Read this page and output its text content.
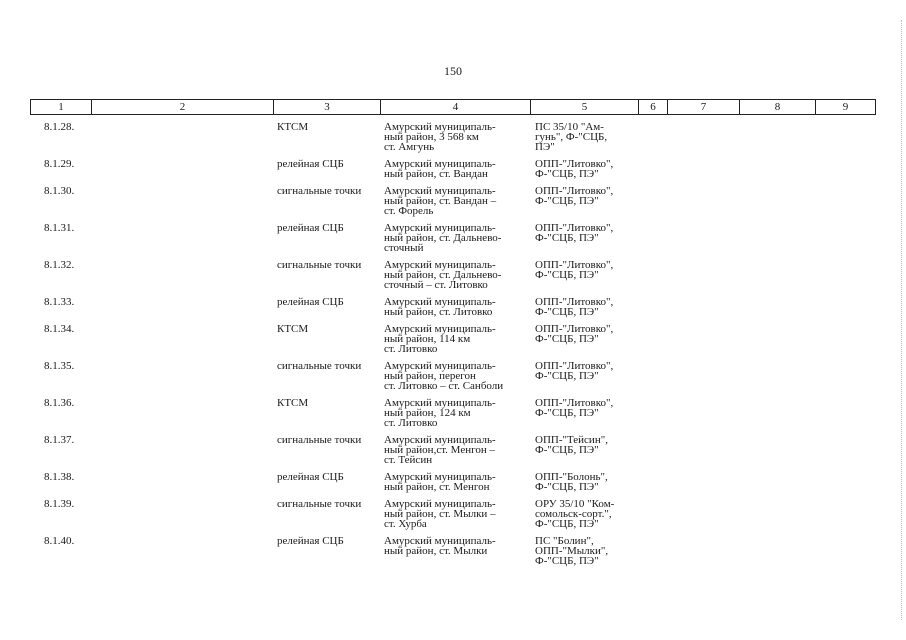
150
1	2	3	4	5	6	7	8	9
8.1.28.		КТСМ	Амурский муниципаль-
ный район, 3 568 км
ст. Амгунь	ПС 35/10 "Ам-
гунь", Ф-"СЦБ,
ПЭ"				

8.1.29.		релейная СЦБ	Амурский муниципаль-
ный район, ст. Вандан	ОПП-"Литовко",
Ф-"СЦБ, ПЭ"				

8.1.30.		сигнальные точки	Амурский муниципаль-
ный район, ст. Вандан –
ст. Форель	ОПП-"Литовко",
Ф-"СЦБ, ПЭ"				

8.1.31.		релейная СЦБ	Амурский муниципаль-
ный район, ст. Дальнево-
сточный	ОПП-"Литовко",
Ф-"СЦБ, ПЭ"				

8.1.32.		сигнальные точки	Амурский муниципаль-
ный район, ст. Дальнево-
сточный – ст. Литовко	ОПП-"Литовко",
Ф-"СЦБ, ПЭ"				

8.1.33.		релейная СЦБ	Амурский муниципаль-
ный район, ст. Литовко	ОПП-"Литовко",
Ф-"СЦБ, ПЭ"				

8.1.34.		КТСМ	Амурский муниципаль-
ный район, 114 км
ст. Литовко	ОПП-"Литовко",
Ф-"СЦБ, ПЭ"				

8.1.35.		сигнальные точки	Амурский муниципаль-
ный район, перегон
ст. Литовко – ст. Санболи	ОПП-"Литовко",
Ф-"СЦБ, ПЭ"				

8.1.36.		КТСМ	Амурский муниципаль-
ный район, 124 км
ст. Литовко	ОПП-"Литовко",
Ф-"СЦБ, ПЭ"				

8.1.37.		сигнальные точки	Амурский муниципаль-
ный район,ст. Менгон –
ст. Тейсин	ОПП-"Тейсин",
Ф-"СЦБ, ПЭ"				

8.1.38.		релейная СЦБ	Амурский муниципаль-
ный район, ст. Менгон	ОПП-"Болонь",
Ф-"СЦБ, ПЭ"				

8.1.39.		сигнальные точки	Амурский муниципаль-
ный район, ст. Мылки –
ст. Хурба	ОРУ 35/10 "Ком-
сомольск-сорт.",
Ф-"СЦБ, ПЭ"				

8.1.40.		релейная СЦБ	Амурский муниципаль-
ный район, ст. Мылки	ПС "Болин",
ОПП-"Мылки",
Ф-"СЦБ, ПЭ"				
